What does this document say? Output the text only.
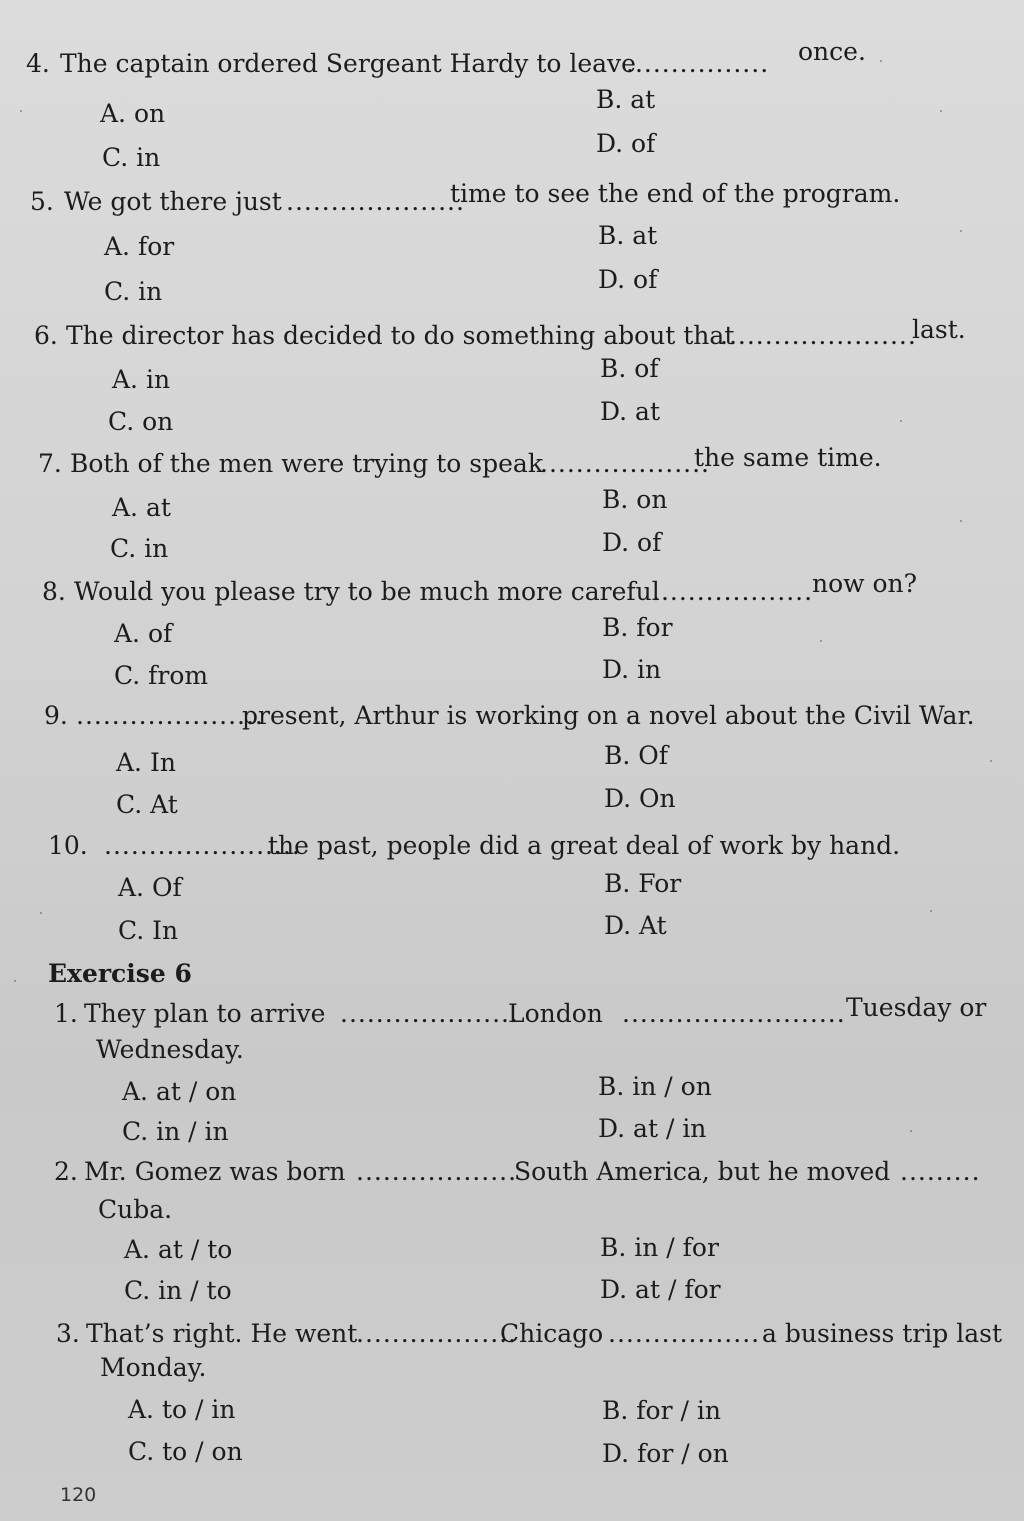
4. The captain ordered Sergeant Hardy to leave
................ once.
A. on	B. at
C. in	D. of
5. We got there just ....................
time to see the end of the program.
A. for	B. at
C. in	D. of
6. The director has decided to do something about that
......................
last.
A. in	B. of
C. on	D. at
7. Both of the men were trying to speak
...................
the same time.
A. at	B. on
C. in	D. of
8. Would you please try to be much more careful
..................
now on?
A. of	B. for
C. from	D. in
9. .....................
present, Arthur is working on a novel about the Civil War.
A. In	B. Of
C. At	D. On
10. ......................
the past, people did a great deal of work by hand.
A. Of	B. For
C. In	D. At
Exercise 6
1. They plan to arrive ....................
London ......................... Tuesday or
Wednesday.
A. at / on	B. in / on
C. in / in	D. at / in
2. Mr. Gomez was born ..................
South America, but he moved .........
Cuba.
A. at / to	B. in / for
C. in / to	D. at / for
3. That’s right. He went
..................
Chicago ................. a business trip last
Monday.
A. to / in	B. for / in
C. to / on	D. for / on
120
